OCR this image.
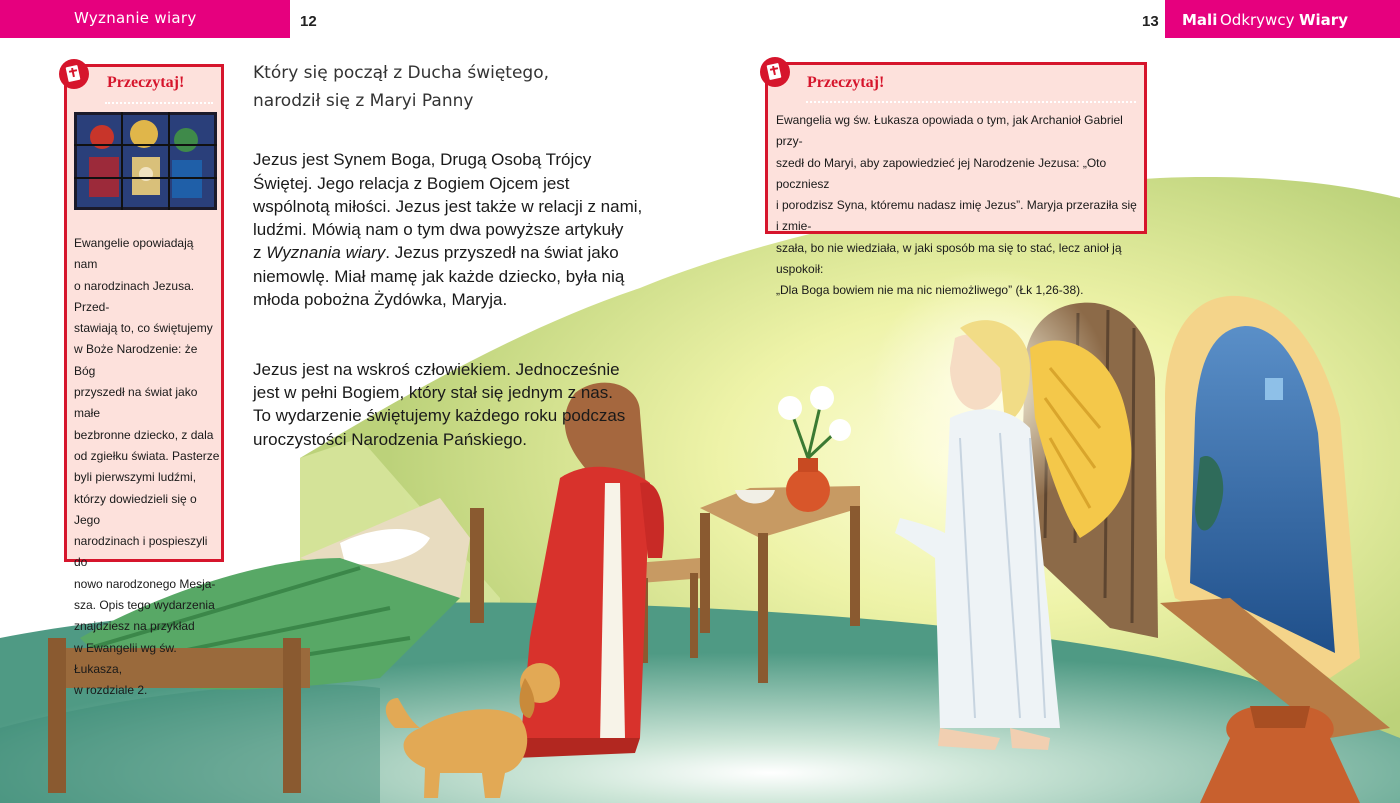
Wyznanie wiary	12	13 Mali Odkrywcy Wiary
Przeczytaj!
Ewangelie opowiadają nam
o narodzinach Jezusa. Przed-
stawiają to, co świętujemy
w Boże Narodzenie: że Bóg
przyszedł na świat jako małe
bezbronne dziecko, z dala
od zgiełku świata. Pasterze
byli pierwszymi ludźmi,
którzy dowiedzieli się o Jego
narodzinach i pospieszyli do
nowo narodzonego Mesja-
sza. Opis tego wydarzenia
znajdziesz na przykład
w Ewangelii wg św. Łukasza,
w rozdziale 2.
Który się począł z Ducha świętego,
narodził się z Maryi Panny

Jezus jest Synem Boga, Drugą Osobą Trójcy
Świętej. Jego relacja z Bogiem Ojcem jest
wspólnotą miłości. Jezus jest także w relacji z nami,
ludźmi. Mówią nam o tym dwa powyższe artykuły
z Wyznania wiary. Jezus przyszedł na świat jako
niemowlę. Miał mamę jak każde dziecko, była nią
młoda pobożna Żydówka, Maryja.

Jezus jest na wskroś człowiekiem. Jednocześnie
jest w pełni Bogiem, który stał się jednym z nas.
To wydarzenie świętujemy każdego roku podczas
uroczystości Narodzenia Pańskiego.

Przeczytaj!
Ewangelia wg św. Łukasza opowiada o tym, jak Archanioł Gabriel przy-
szedł do Maryi, aby zapowiedzieć jej Narodzenie Jezusa: „Oto poczniesz
i porodzisz Syna, któremu nadasz imię Jezus”. Maryja przeraziła się i zmie-
szała, bo nie wiedziała, w jaki sposób ma się to stać, lecz anioł ją uspokoił:
„Dla Boga bowiem nie ma nic niemożliwego” (Łk 1,26-38).
